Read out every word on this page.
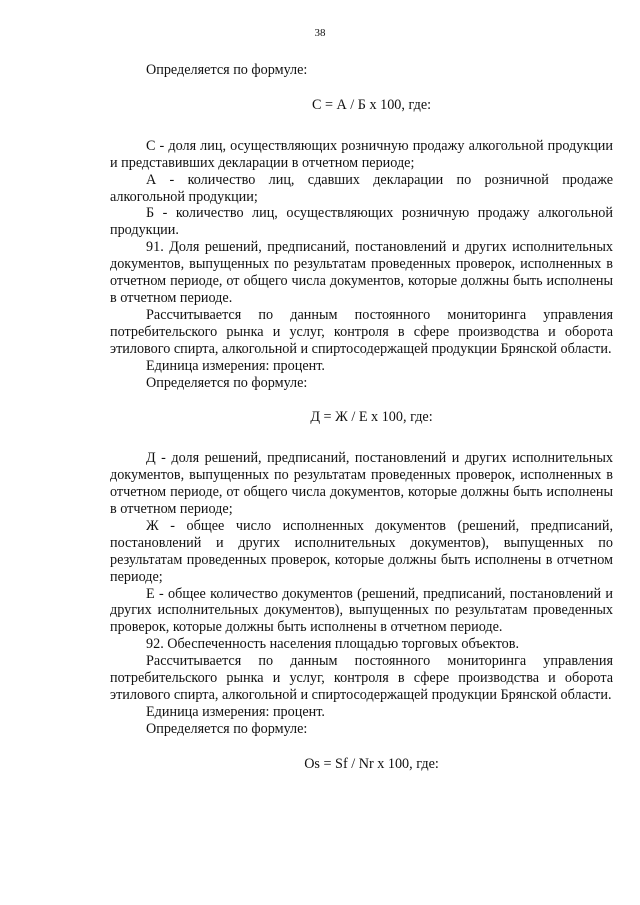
38

Определяется по формуле:

С = А / Б х 100, где:

С - доля лиц, осуществляющих розничную продажу алкогольной продукции и представивших декларации в отчетном периоде;

А - количество лиц, сдавших декларации по розничной продаже алкогольной продукции;

Б - количество лиц, осуществляющих розничную продажу алкогольной продукции.

91. Доля решений, предписаний, постановлений и других исполнительных документов, выпущенных по результатам проведенных проверок, исполненных в отчетном периоде, от общего числа документов, которые должны быть исполнены в отчетном периоде.

Рассчитывается по данным постоянного мониторинга управления потребительского рынка и услуг, контроля в сфере производства и оборота этилового спирта, алкогольной и спиртосодержащей продукции Брянской области.

Единица измерения: процент.

Определяется по формуле:

Д = Ж / Е х 100, где:

Д - доля решений, предписаний, постановлений и других исполнительных документов, выпущенных по результатам проведенных проверок, исполненных в отчетном периоде, от общего числа документов, которые должны быть исполнены в отчетном периоде;

Ж - общее число исполненных документов (решений, предписаний, постановлений и других исполнительных документов), выпущенных по результатам проведенных проверок, которые должны быть исполнены в отчетном периоде;

Е - общее количество документов (решений, предписаний, постановлений и других исполнительных документов), выпущенных по результатам проведенных проверок, которые должны быть исполнены в отчетном периоде.

92. Обеспеченность населения площадью торговых объектов.

Рассчитывается по данным постоянного мониторинга управления потребительского рынка и услуг, контроля в сфере производства и оборота этилового спирта, алкогольной и спиртосодержащей продукции Брянской области.

Единица измерения: процент.

Определяется по формуле:

Os = Sf / Nr х 100, где:
